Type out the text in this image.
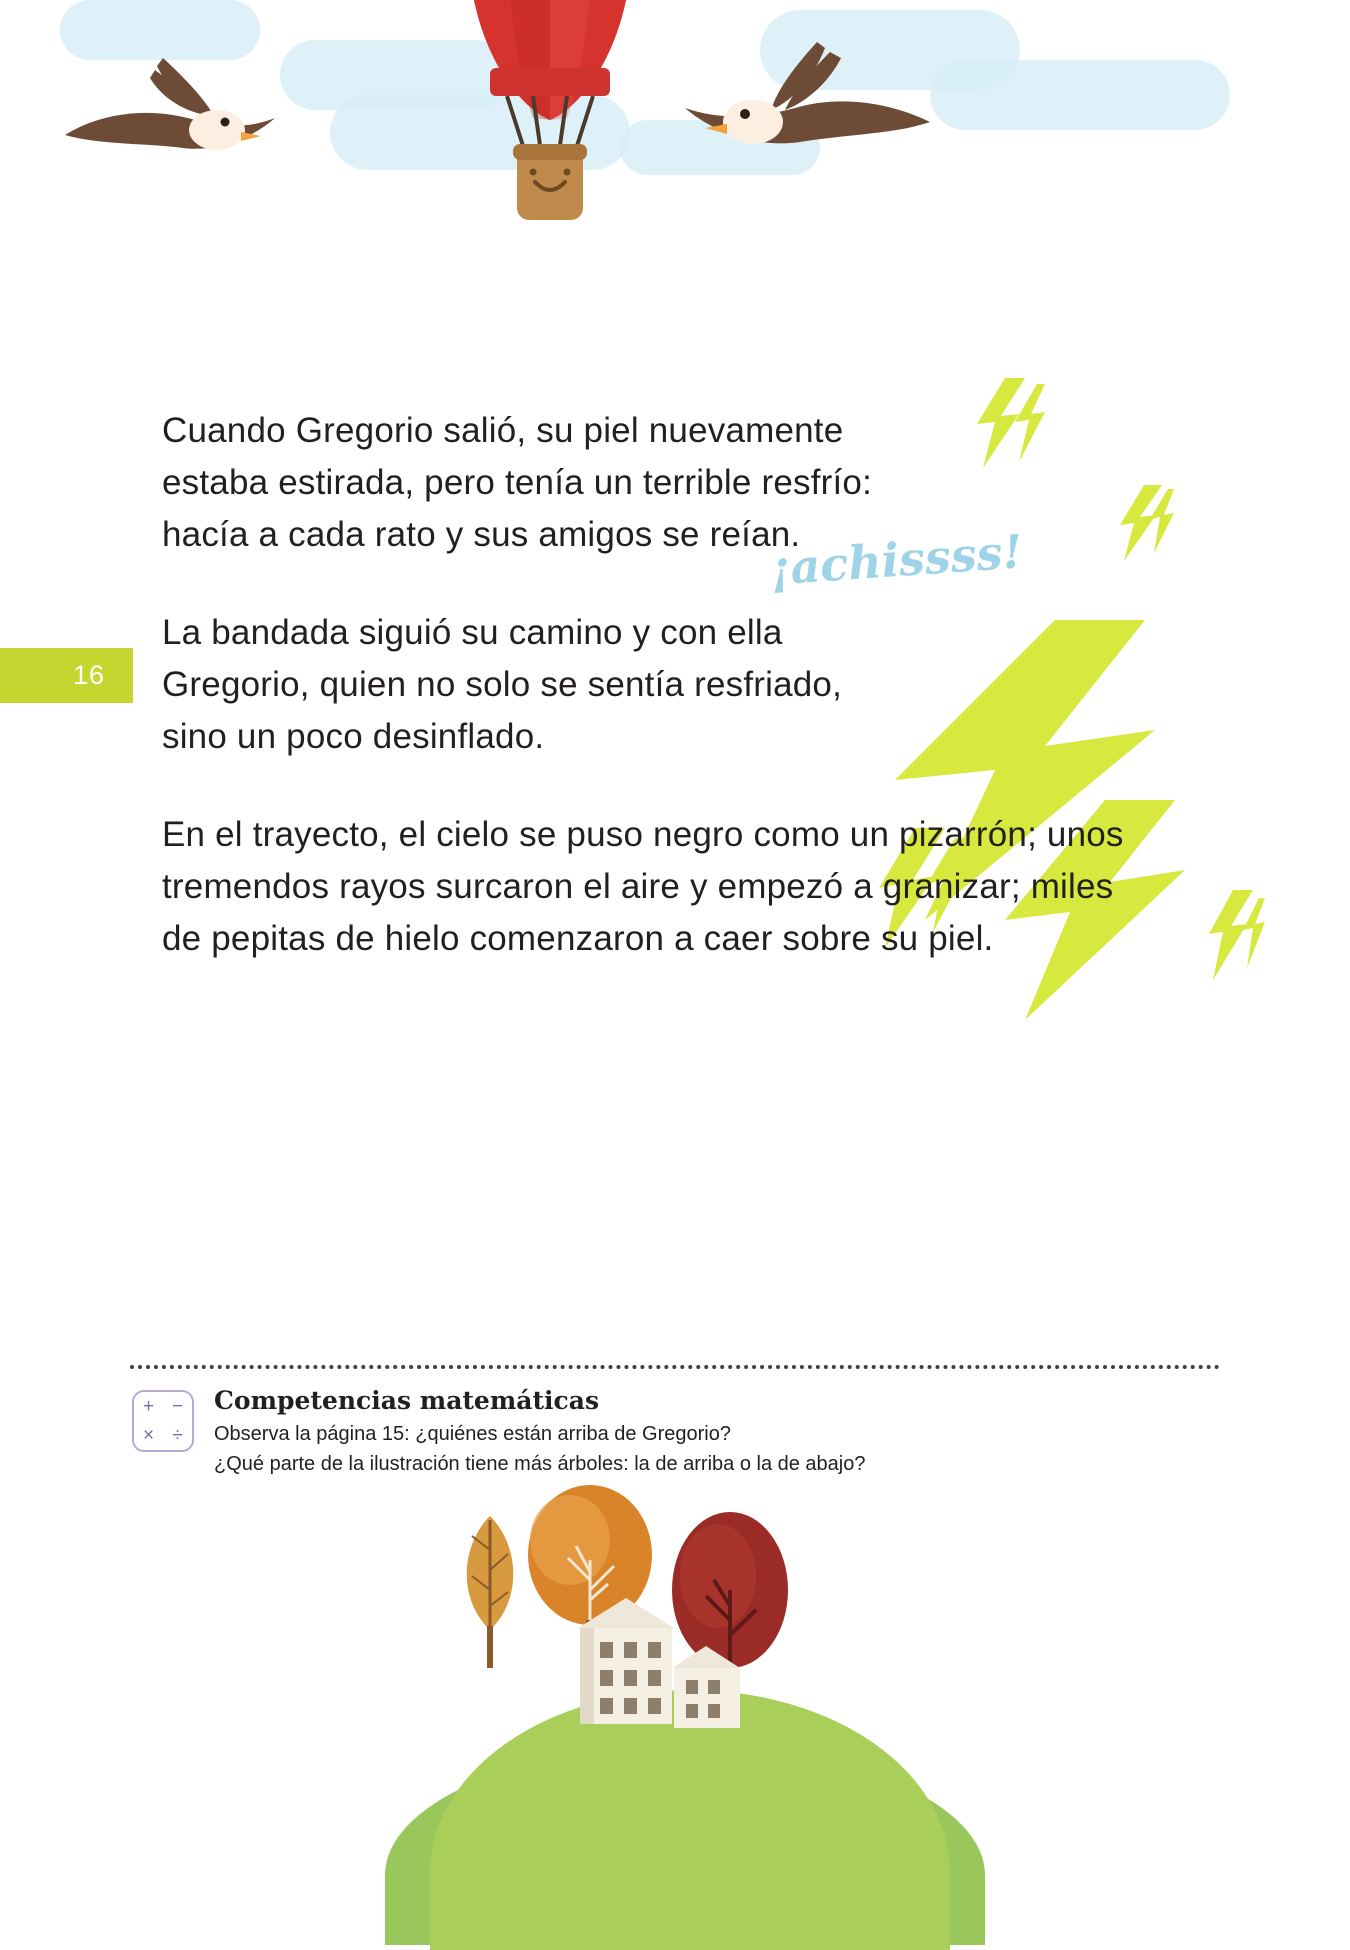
16

Cuando Gregorio salió, su piel nuevamente estaba estirada, pero tenía un terrible resfrío: hacía a cada rato y sus amigos se reían.

La bandada siguió su camino y con ella Gregorio, quien no solo se sentía resfriado, sino un poco desinflado.

En el trayecto, el cielo se puso negro como un pizarrón; unos tremendos rayos surcaron el aire y empezó a granizar; miles de pepitas de hielo comenzaron a caer sobre su piel.

¡achissss!
+ −
× ÷
Competencias matemáticas
Observa la página 15: ¿quiénes están arriba de Gregorio?
¿Qué parte de la ilustración tiene más árboles: la de arriba o la de abajo?
